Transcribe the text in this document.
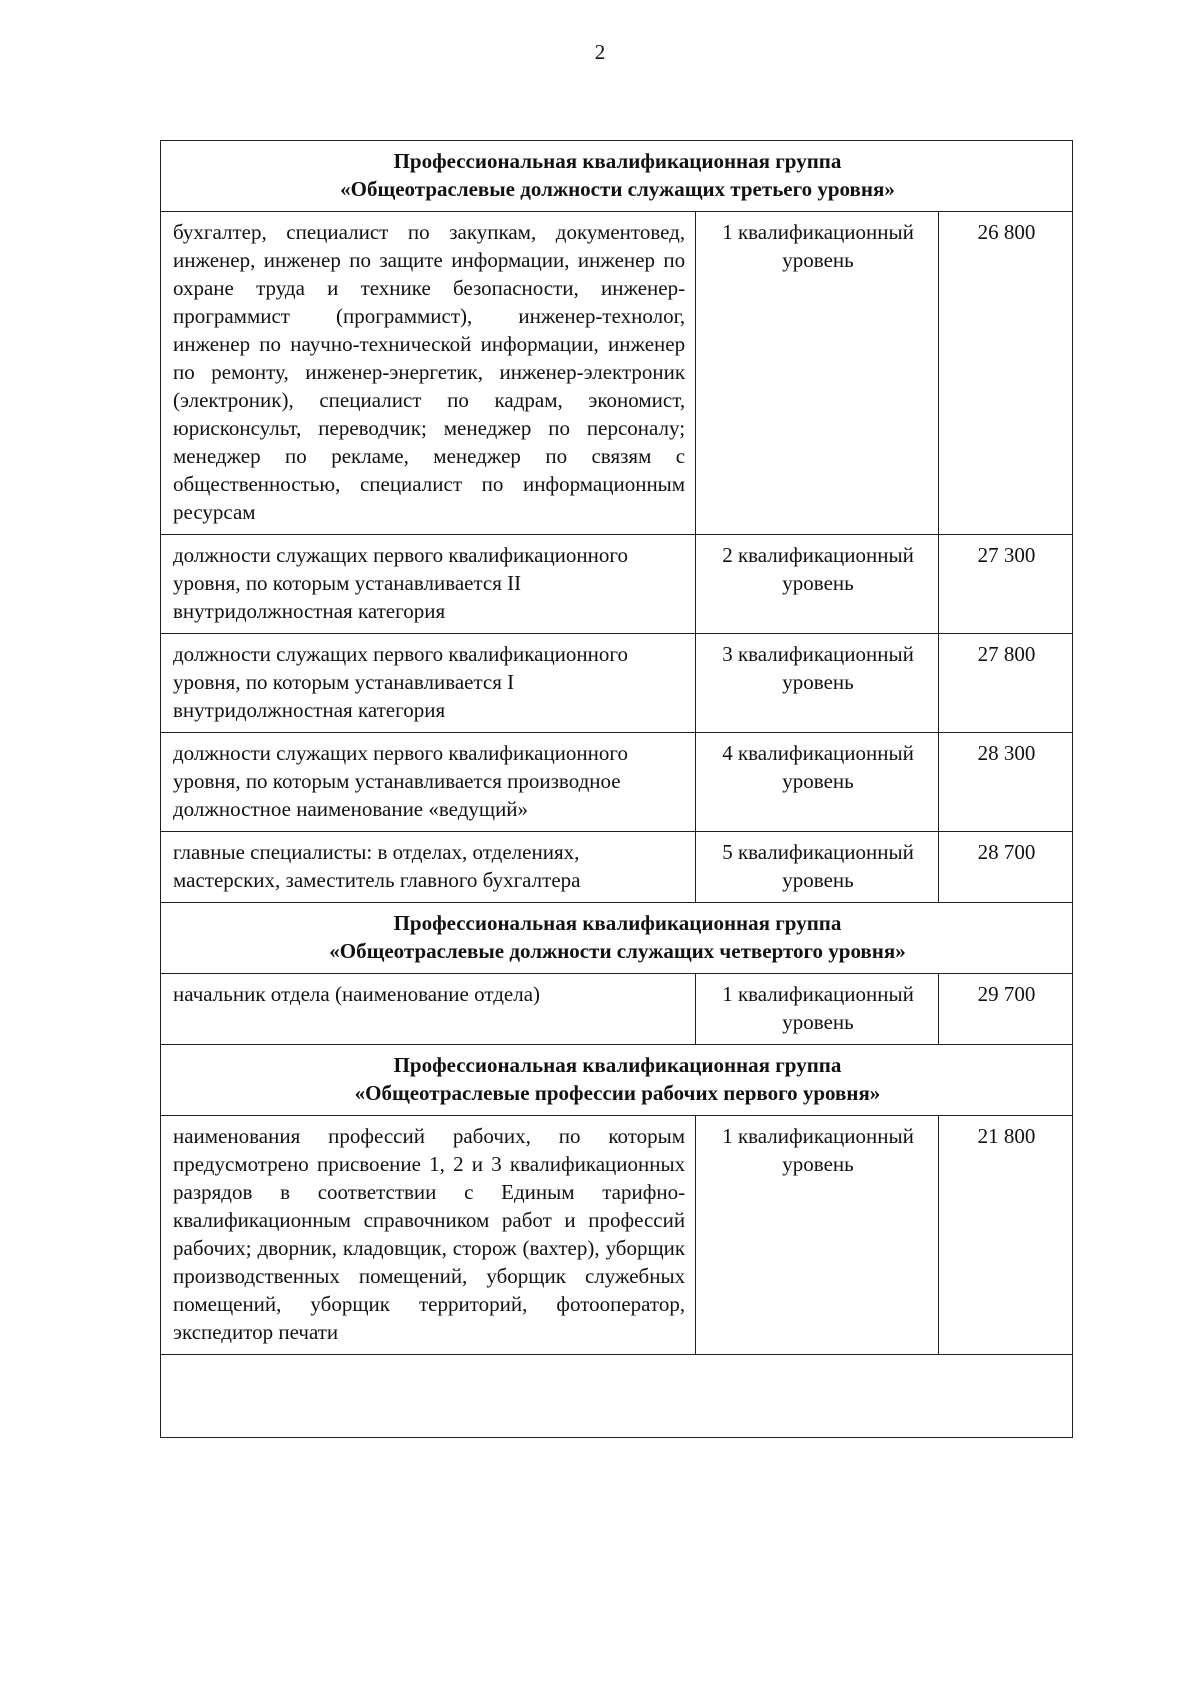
2
Профессиональная квалификационная группа
«Общеотраслевые должности служащих третьего уровня»		

бухгалтер, специалист по закупкам, документовед, инженер, инженер по защите информации, инженер по охране труда и технике безопасности, инженер-программист (программист), инженер-технолог, инженер по научно-технической информации, инженер по ремонту, инженер-энергетик, инженер-электроник (электроник), специалист по кадрам, экономист, юрисконсульт, переводчик; менеджер по персоналу; менеджер по рекламе, менеджер по связям с общественностью, специалист по информационным ресурсам	1 квалификационный
уровень	26 800
должности служащих первого квалификационного уровня, по которым устанавливается II внутридолжностная категория	2 квалификационный
уровень	27 300
должности служащих первого квалификационного уровня, по которым устанавливается I внутридолжностная категория	3 квалификационный
уровень	27 800
должности служащих первого квалификационного уровня, по которым устанавливается производное должностное наименование «ведущий»	4 квалификационный
уровень	28 300
главные специалисты: в отделах, отделениях, мастерских, заместитель главного бухгалтера	5 квалификационный
уровень	28 700

Профессиональная квалификационная группа
«Общеотраслевые должности служащих четвертого уровня»		

начальник отдела (наименование отдела)	1 квалификационный
уровень	29 700

Профессиональная квалификационная группа
«Общеотраслевые профессии рабочих первого уровня»		

наименования профессий рабочих, по которым предусмотрено присвоение 1, 2 и 3 квалификационных разрядов в соответствии с Единым тарифно-квалификационным справочником работ и профессий рабочих; дворник, кладовщик, сторож (вахтер), уборщик производственных помещений, уборщик служебных помещений, уборщик территорий, фотооператор, экспедитор печати	1 квалификационный
уровень	21 800
